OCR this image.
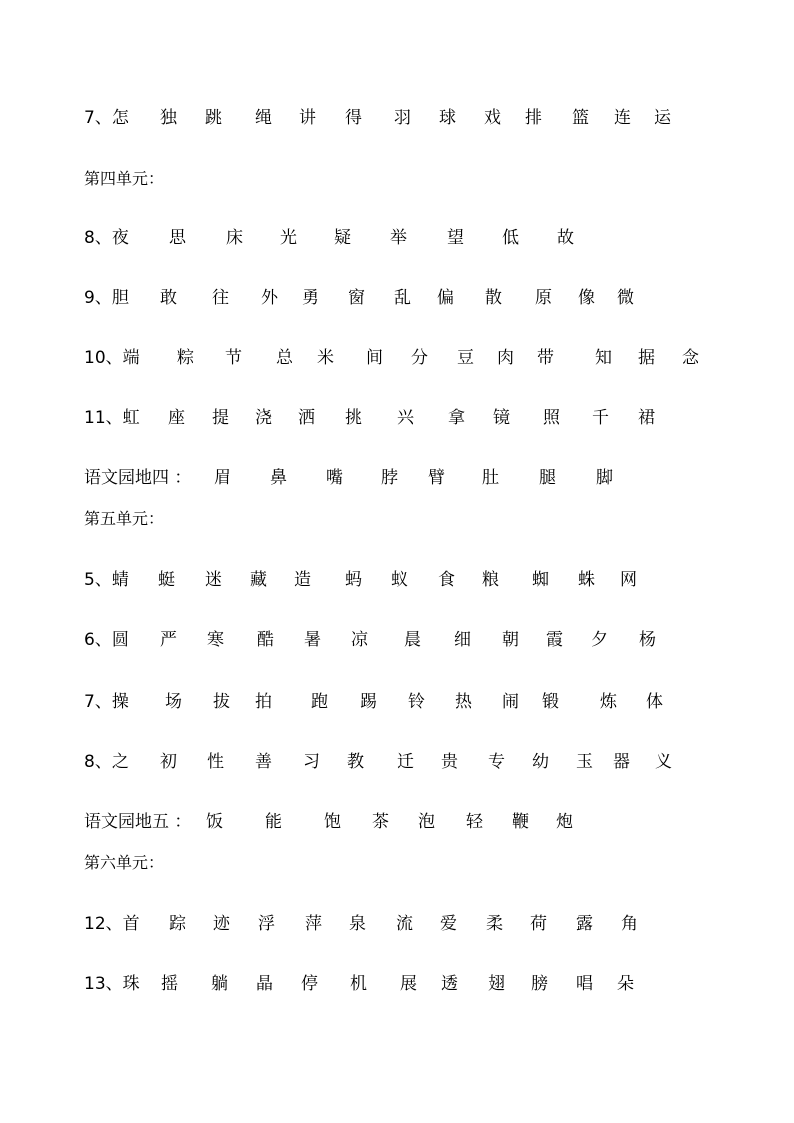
7、怎 独 跳 绳 讲 得 羽 球 戏 排 篮 连 运
第四单元：
8、夜 思 床 光 疑 举 望 低 故
9、胆 敢 往 外 勇 窗 乱 偏 散 原 像 微
10、端 粽 节 总 米 间 分 豆 肉 带 知 据 念
11、虹 座 提 浇 洒 挑 兴 拿 镜 照 千 裙
语文园地四 ： 眉 鼻 嘴 脖 臂 肚 腿 脚
第五单元：
5、蜻 蜓 迷 藏 造 蚂 蚁 食 粮 蜘 蛛 网
6、圆 严 寒 酷 暑 凉 晨 细 朝 霞 夕 杨
7、操 场 拔 拍 跑 踢 铃 热 闹 锻 炼 体
8、之 初 性 善 习 教 迁 贵 专 幼 玉 器 义
语文园地五 ： 饭 能 饱 茶 泡 轻 鞭 炮
第六单元：
12、首 踪 迹 浮 萍 泉 流 爱 柔 荷 露 角
13、珠 摇 躺 晶 停 机 展 透 翅 膀 唱 朵
